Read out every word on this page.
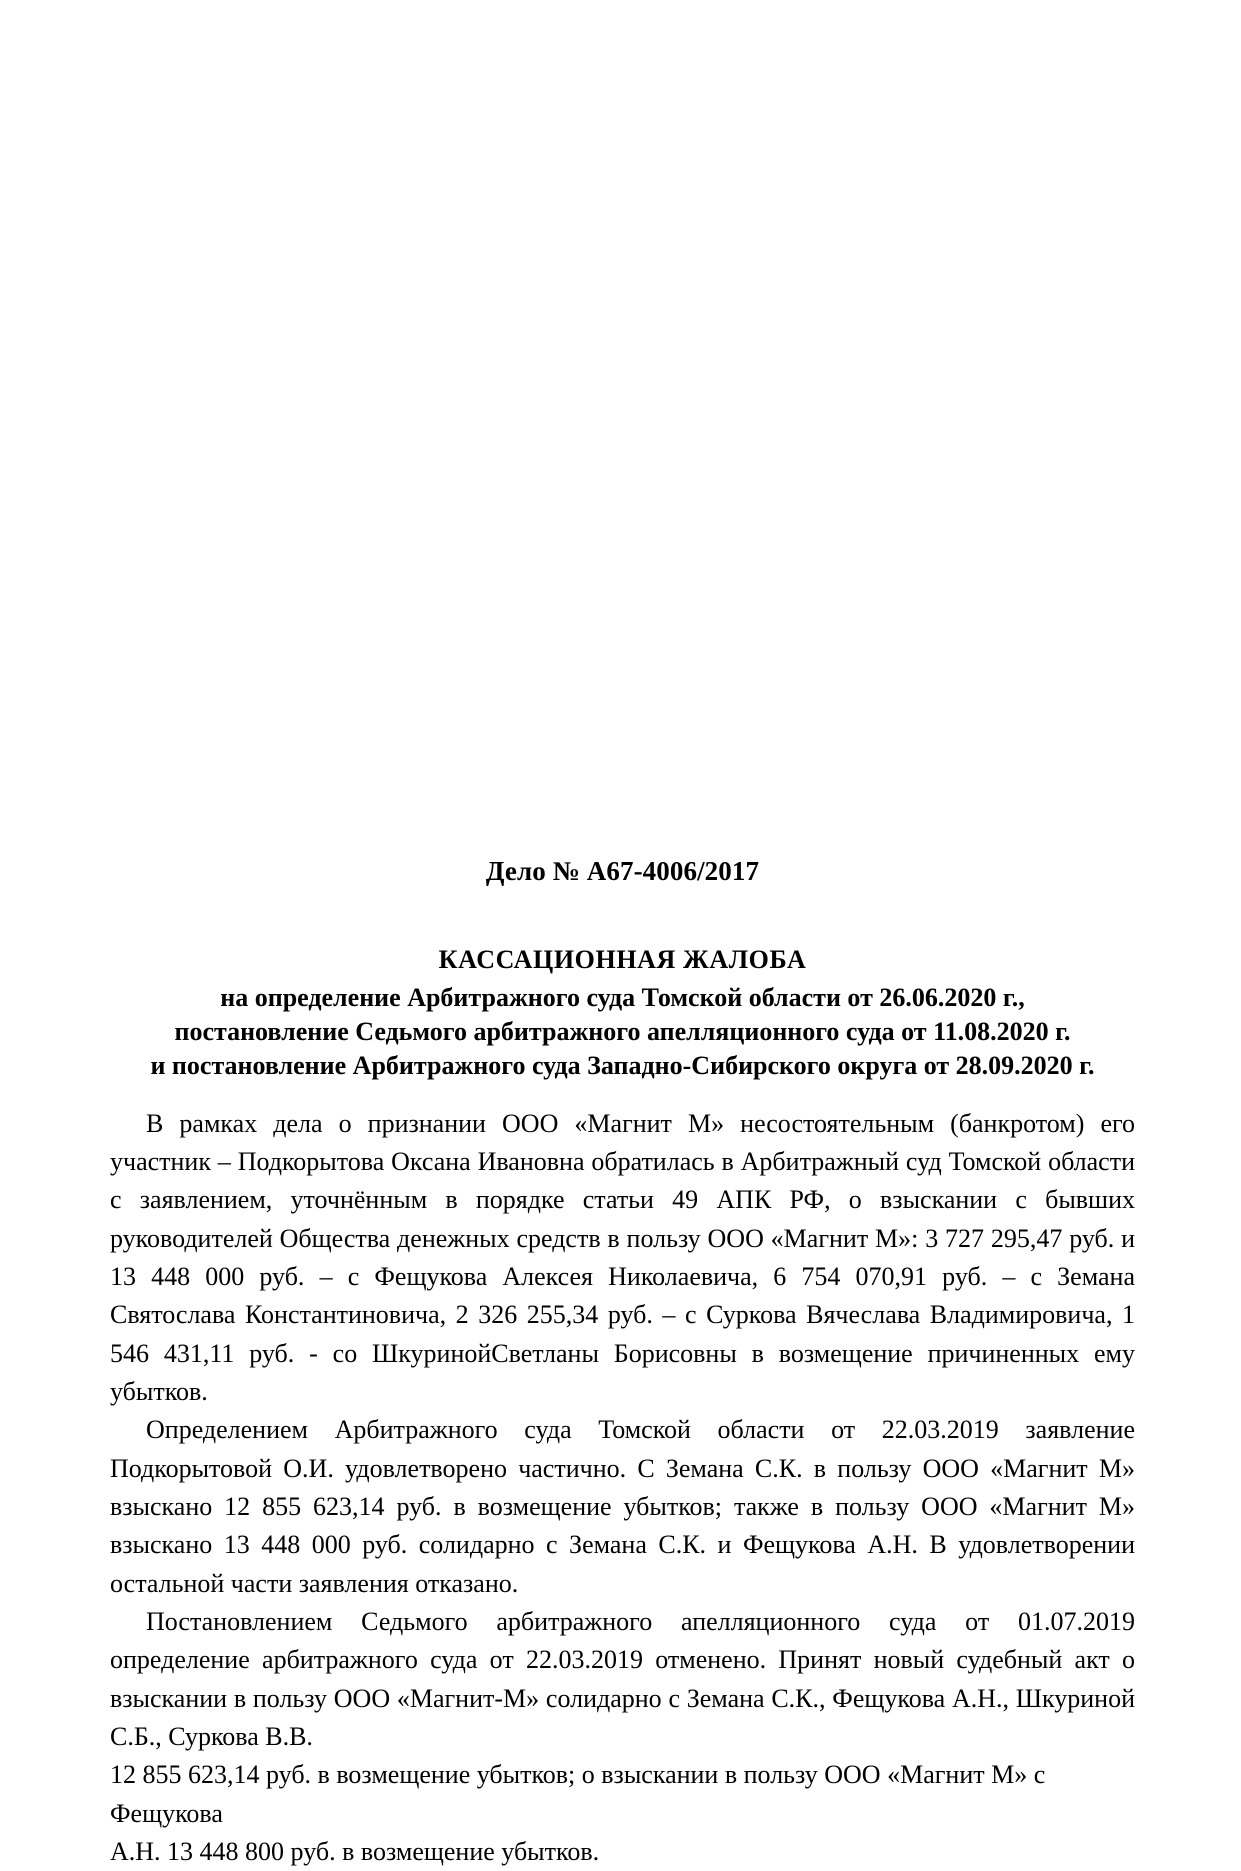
Дело № А67-4006/2017
КАССАЦИОННАЯ ЖАЛОБА
на определение Арбитражного суда Томской области от 26.06.2020 г.,
постановление Седьмого арбитражного апелляционного суда от 11.08.2020 г.
и постановление Арбитражного суда Западно-Сибирского округа от 28.09.2020 г.

В рамках дела о признании ООО «Магнит М» несостоятельным (банкротом) его участник – Подкорытова Оксана Ивановна обратилась в Арбитражный суд Томской области с заявлением, уточнённым в порядке статьи 49 АПК РФ, о взыскании с бывших руководителей Общества денежных средств в пользу ООО «Магнит М»: 3 727 295,47 руб. и 13 448 000 руб. – с Фещукова Алексея Николаевича, 6 754 070,91 руб. – с Земана Святослава Константиновича, 2 326 255,34 руб. – с Суркова Вячеслава Владимировича, 1 546 431,11 руб. - со ШкуринойСветланы Борисовны в возмещение причиненных ему убытков.

Определением Арбитражного суда Томской области от 22.03.2019 заявление Подкорытовой О.И. удовлетворено частично. С Земана С.К. в пользу ООО «Магнит М» взыскано 12 855 623,14 руб. в возмещение убытков; также в пользу ООО «Магнит М» взыскано 13 448 000 руб. солидарно с Земана С.К. и Фещукова А.Н. В удовлетворении остальной части заявления отказано.

Постановлением Седьмого арбитражного апелляционного суда от 01.07.2019 определение арбитражного суда от 22.03.2019 отменено. Принят новый судебный акт о взыскании в пользу ООО «Магнит-М» солидарно с Земана С.К., Фещукова А.Н., Шкуриной С.Б., Суркова В.В.

12 855 623,14 руб. в возмещение убытков; о взыскании в пользу ООО «Магнит М» с Фещукова

А.Н. 13 448 800 руб. в возмещение убытков.
